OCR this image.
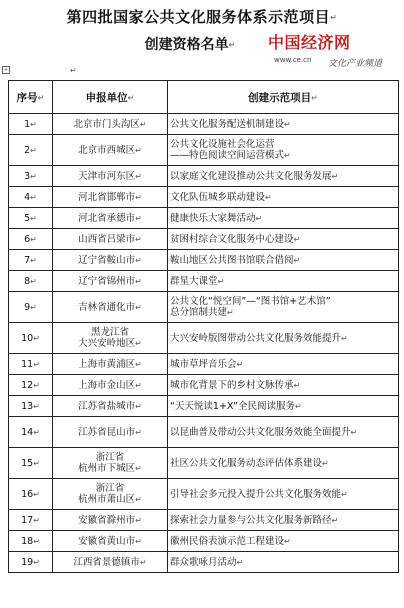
第四批国家公共文化服务体系示范项目↵
创建资格名单↵	中国经济网
www.ce.cn 文化产业频道
+	↵
序号↵	申报单位↵	创建示范项目↵
1↵	北京市门头沟区↵	公共文化服务配送机制建设↵
2↵	北京市西城区↵	公共文化设施社会化运营
——特色阅读空间运营模式↵
3↵	天津市河东区↵	以家庭文化建设推动公共文化服务发展↵
4↵	河北省邯郸市↵	文化队伍城乡联动建设↵
5↵	河北省承德市↵	健康快乐大家舞活动↵
6↵	山西省吕梁市↵	贫困村综合文化服务中心建设↵
7↵	辽宁省鞍山市↵	鞍山地区公共图书馆联合借阅↵
8↵	辽宁省锦州市↵	群星大课堂↵
9↵	吉林省通化市↵	公共文化“悦空间”—“图书馆+艺术馆”
总分馆制共建↵
10↵	黑龙江省
大兴安岭地区↵	大兴安岭版图带动公共文化服务效能提升↵
11↵	上海市黄浦区↵	城市草坪音乐会↵
12↵	上海市金山区↵	城市化背景下的乡村文脉传承↵
13↵	江苏省盐城市↵	“天天悦读1+X”全民阅读服务↵
14↵	江苏省昆山市↵	以昆曲普及带动公共文化服务效能全面提升↵
15↵	浙江省
杭州市下城区↵	社区公共文化服务动态评估体系建设↵
16↵	浙江省
杭州市萧山区↵	引导社会多元投入提升公共文化服务效能↵
17↵	安徽省滁州市↵	探索社会力量参与公共文化服务新路径↵
18↵	安徽省黄山市↵	徽州民俗表演示范工程建设↵
19↵	江西省景德镇市↵	群众歌咏月活动↵
